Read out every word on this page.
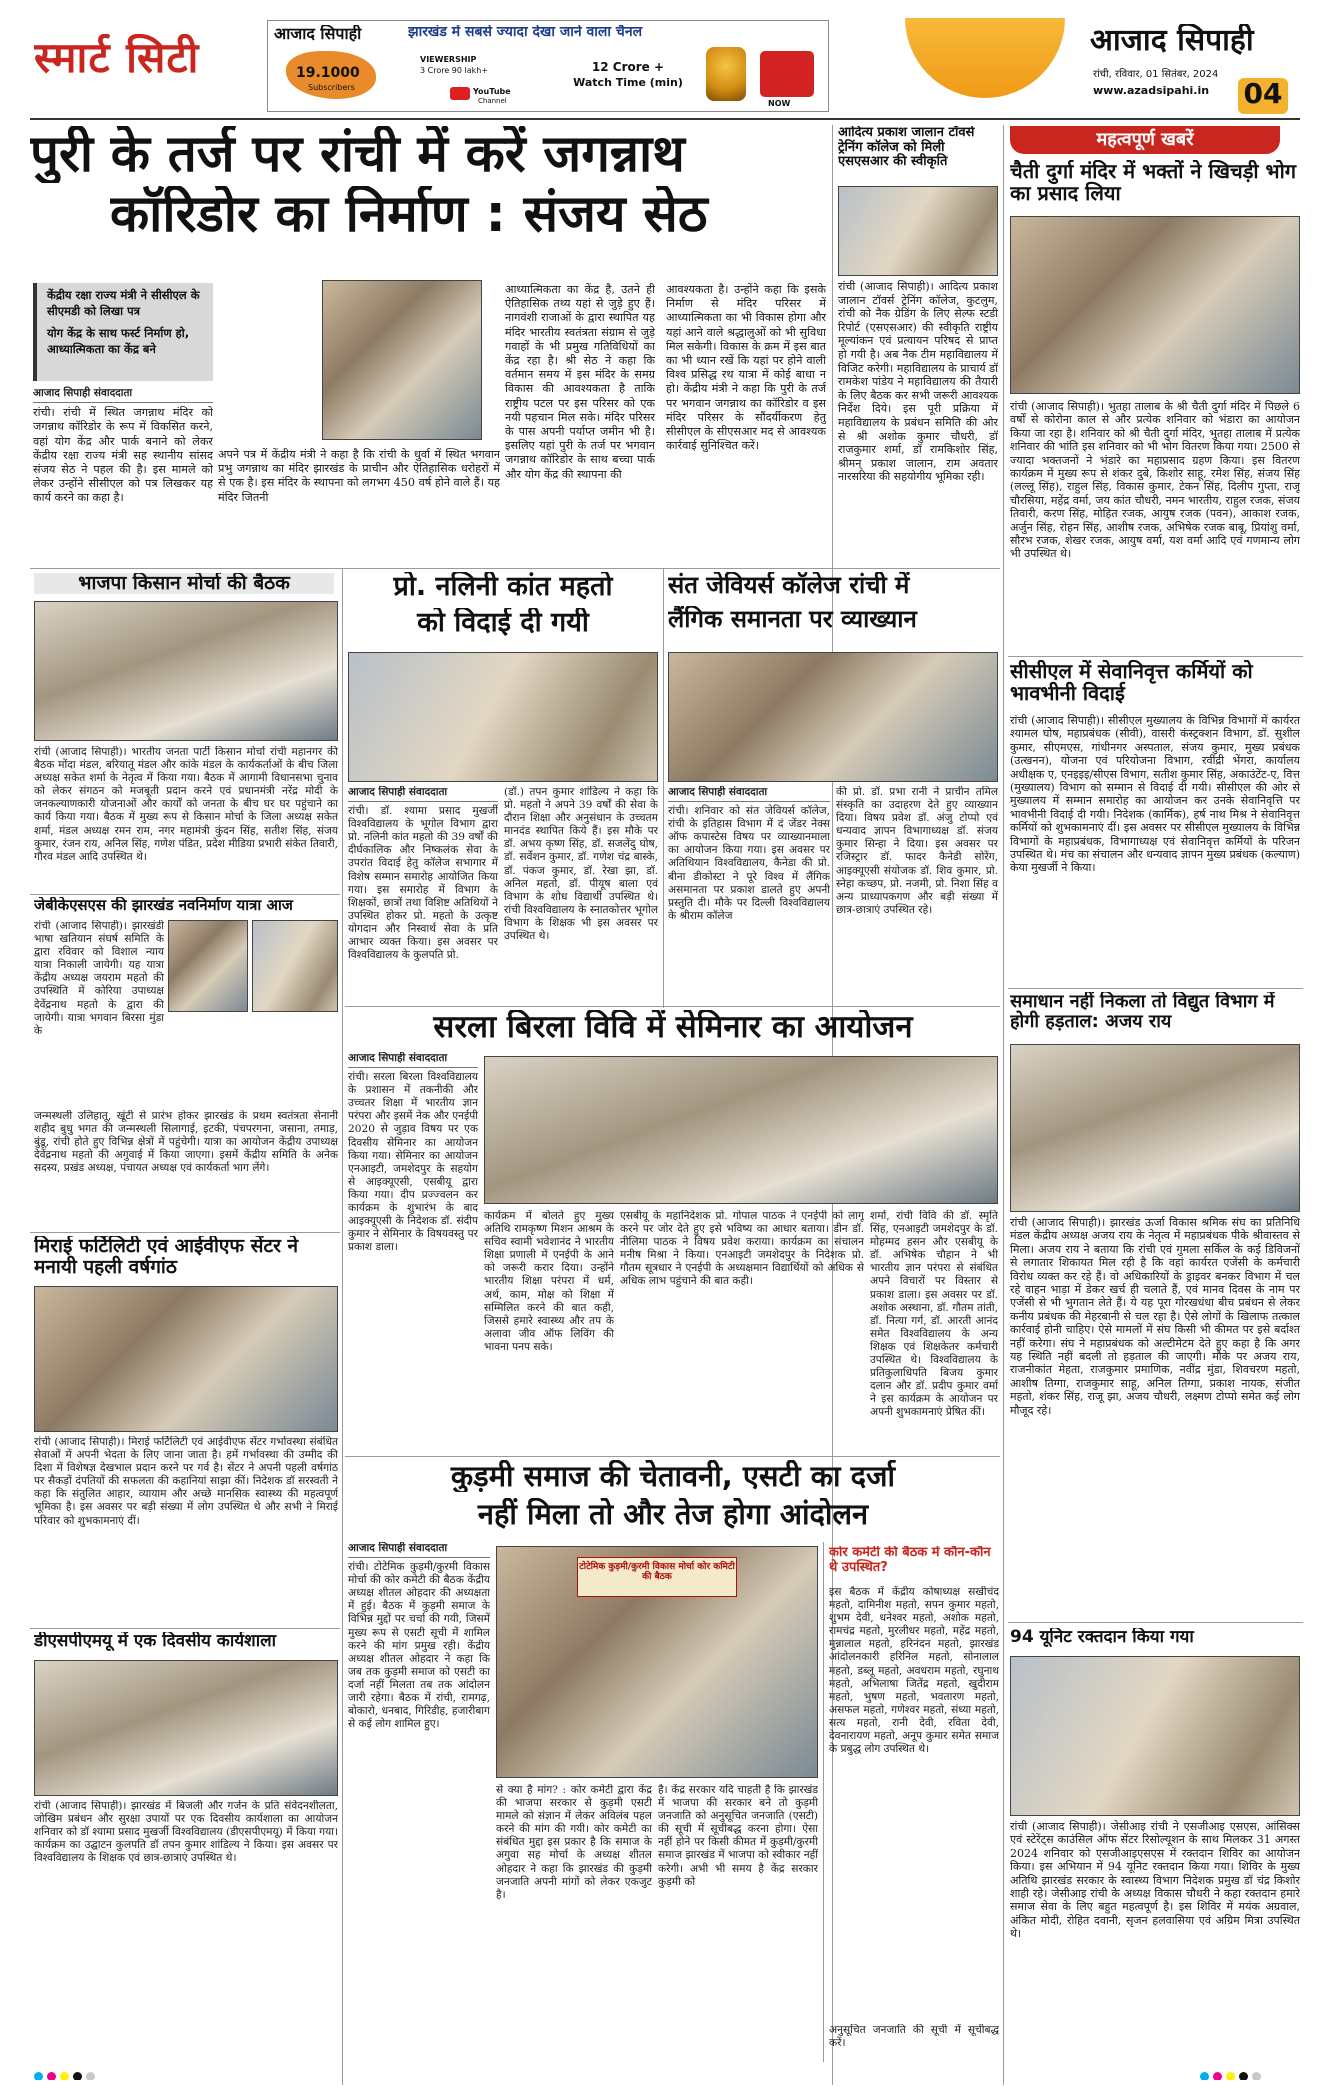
स्मार्ट सिटी	आजाद सिपाही	झारखंड में सबसे ज्यादा देखा जाने वाला चैनल
19.1000
Subscribers
VIEWERSHIP
3 Crore 90 lakh+	12 Crore +
Watch Time (min)
YouTube
Channel	NOW
आजाद सिपाही
रांची, रविवार, 01 सितंबर, 2024
www.azadsipahi.in	04
पुरी के तर्ज पर रांची में करें जगन्नाथ
कॉरिडोर का निर्माण : संजय सेठ
केंद्रीय रक्षा राज्य मंत्री ने सीसीएल के सीएमडी को लिखा पत्र
योग केंद्र के साथ फर्स्ट निर्माण हो, आध्यात्मिकता का केंद्र बने
आजाद सिपाही संवाददाता
रांची। रांची में स्थित जगन्नाथ मंदिर को जगन्नाथ कॉरिडोर के रूप में विकसित करने, वहां योग केंद्र और पार्क बनाने को लेकर केंद्रीय रक्षा राज्य मंत्री सह स्थानीय सांसद संजय सेठ ने पहल की है। इस मामले को लेकर उन्होंने सीसीएल को पत्र लिखकर यह कार्य करने का कहा है।
अपने पत्र में केंद्रीय मंत्री ने कहा है कि रांची के धुर्वा में स्थित भगवान प्रभु जगन्नाथ का मंदिर झारखंड के प्राचीन और ऐतिहासिक धरोहरों में से एक है। इस मंदिर के स्थापना को लगभग 450 वर्ष होने वाले हैं। यह मंदिर जितनी
आध्यात्मिकता का केंद्र है, उतने ही ऐतिहासिक तथ्य यहां से जुड़े हुए हैं। नागवंशी राजाओं के द्वारा स्थापित यह मंदिर भारतीय स्वतंत्रता संग्राम से जुड़े गवाहों के भी प्रमुख गतिविधियों का केंद्र रहा है। श्री सेठ ने कहा कि वर्तमान समय में इस मंदिर के समग्र विकास की आवश्यकता है ताकि राष्ट्रीय पटल पर इस परिसर को एक नयी पहचान मिल सके। मंदिर परिसर के पास अपनी पर्याप्त जमीन भी है। इसलिए यहां पुरी के तर्ज पर भगवान जगन्नाथ कॉरिडोर के साथ बच्चा पार्क और योग केंद्र की स्थापना की
आवश्यकता है। उन्होंने कहा कि इसके निर्माण से मंदिर परिसर में आध्यात्मिकता का भी विकास होगा और यहां आने वाले श्रद्धालुओं को भी सुविधा मिल सकेगी। विकास के क्रम में इस बात का भी ध्यान रखें कि यहां पर होने वाली विश्व प्रसिद्ध रथ यात्रा में कोई बाधा न हो। केंद्रीय मंत्री ने कहा कि पुरी के तर्ज पर भगवान जगन्नाथ का कॉरिडोर व इस मंदिर परिसर के सौंदर्यीकरण हेतु सीसीएल के सीएसआर मद से आवश्यक कार्रवाई सुनिश्चित करें।
आदित्य प्रकाश जालान टॉवर्स ट्रेनिंग कॉलेज को मिली एसएसआर की स्वीकृति
रांची (आजाद सिपाही)। आदित्य प्रकाश जालान टॉवर्स ट्रेनिंग कॉलेज, कुटलुम, रांची को नैक ग्रेडिंग के लिए सेल्फ स्टडी रिपोर्ट (एसएसआर) की स्वीकृति राष्ट्रीय मूल्यांकन एवं प्रत्यायन परिषद से प्राप्त हो गयी है। अब नैक टीम महाविद्यालय में विजिट करेगी। महाविद्यालय के प्राचार्य डॉ रामकेश पांडेय ने महाविद्यालय की तैयारी के लिए बैठक कर सभी जरूरी आवश्यक निर्देश दिये। इस पूरी प्रक्रिया में महाविद्यालय के प्रबंधन समिति की ओर से श्री अशोक कुमार चौधरी, डॉ राजकुमार शर्मा, डॉ रामकिशोर सिंह, श्रीमन् प्रकाश जालान, राम अवतार नारसरिया की सहयोगीय भूमिका रही।
महत्वपूर्ण खबरें
चैती दुर्गा मंदिर में भक्तों ने खिचड़ी भोग का प्रसाद लिया
रांची (आजाद सिपाही)। भुतहा तालाब के श्री चैती दुर्गा मंदिर में पिछले 6 वर्षों से कोरोना काल से और प्रत्येक शनिवार को भंडारा का आयोजन किया जा रहा है। शनिवार को श्री चैती दुर्गा मंदिर, भुतहा तालाब में प्रत्येक शनिवार की भांति इस शनिवार को भी भोग वितरण किया गया। 2500 से ज्यादा भक्तजनों ने भंडारे का महाप्रसाद ग्रहण किया। इस वितरण कार्यक्रम में मुख्य रूप से शंकर दुबे, किशोर साहू, रमेश सिंह, संजय सिंह (लल्लू सिंह), राहुल सिंह, विकास कुमार, टेकन सिंह, दिलीप गुप्ता, राजू चौरसिया, महेंद्र वर्मा, जय कांत चौधरी, नमन भारतीय, राहुल रजक, संजय तिवारी, करण सिंह, मोहित रजक, आयुष रजक (पवन), आकाश रजक, अर्जुन सिंह, रोहन सिंह, आशीष रजक, अभिषेक रजक बाबू, प्रियांशु वर्मा, सौरभ रजक, शेखर रजक, आयुष वर्मा, यश वर्मा आदि एवं गणमान्य लोग भी उपस्थित थे।
सीसीएल में सेवानिवृत्त कर्मियों को भावभीनी विदाई
रांची (आजाद सिपाही)। सीसीएल मुख्यालय के विभिन्न विभागों में कार्यरत श्यामल घोष, महाप्रबंधक (सीवी), वासरी कंस्ट्रक्शन विभाग, डॉ. सुशील कुमार, सीएमएस, गांधीनगर अस्पताल, संजय कुमार, मुख्य प्रबंधक (उत्खनन), योजना एवं परियोजना विभाग, रवींद्री भेंगरा, कार्यालय अधीक्षक ए, एनइइइ/सीएस विभाग, सतीश कुमार सिंह, अकाउंटेंट-ए, वित्त (मुख्यालय) विभाग को सम्मान से विदाई दी गयी। सीसीएल की ओर से मुख्यालय में सम्मान समारोह का आयोजन कर उनके सेवानिवृत्ति पर भावभीनी विदाई दी गयी। निदेशक (कार्मिक), हर्ष नाथ मिश्र ने सेवानिवृत्त कर्मियों को शुभकामनाएं दीं। इस अवसर पर सीसीएल मुख्यालय के विभिन्न विभागों के महाप्रबंधक, विभागाध्यक्ष एवं सेवानिवृत्त कर्मियों के परिजन उपस्थित थे। मंच का संचालन और धन्यवाद ज्ञापन मुख्य प्रबंधक (कल्याण) केया मुखर्जी ने किया।
समाधान नहीं निकला तो विद्युत विभाग में होगी हड़ताल: अजय राय
रांची (आजाद सिपाही)। झारखंड ऊर्जा विकास श्रमिक संघ का प्रतिनिधि मंडल केंद्रीय अध्यक्ष अजय राय के नेतृत्व में महाप्रबंधक पीके श्रीवास्तव से मिला। अजय राय ने बताया कि रांची एवं गुमला सर्किल के कई डिविजनों से लगातार शिकायत मिल रही है कि वहां कार्यरत एजेंसी के कर्मचारी विरोध व्यक्त कर रहे हैं। वो अधिकारियों के ड्राइवर बनकर विभाग में चल रहे वाहन भाड़ा में डेकर खर्च ही चलाते हैं, एवं मानव दिवस के नाम पर एजेंसी से भी भुगतान लेते हैं। ये यह पूरा गोरखधंधा बीच प्रबंधन से लेकर कनीय प्रबंधक की मेहरबानी से चल रहा है। ऐसे लोगों के खिलाफ तत्काल कार्रवाई होनी चाहिए। ऐसे मामलों में संघ किसी भी कीमत पर इसे बर्दाश्त नहीं करेगा। संघ ने महाप्रबंधक को अल्टीमेटम देते हुए कहा है कि अगर यह स्थिति नहीं बदली तो हड़ताल की जाएगी। मौके पर अजय राय, राजनीकांत मेहता, राजकुमार प्रमाणिक, नवींद्र मुंडा, शिवचरण महतो, आशीष तिग्गा, राजकुमार साहू, अनिल तिग्गा, प्रकाश नायक, संजीत महतो, शंकर सिंह, राजू झा, अजय चौधरी, लक्ष्मण टोप्पो समेत कई लोग मौजूद रहे।
94 यूनिट रक्तदान किया गया
रांची (आजाद सिपाही)। जेसीआइ रांची ने एसजीआइ एसएस, आंसिक्स एवं स्टेरेंट्स काउंसिल ऑफ सेंटर रिसोल्यूशन के साथ मिलकर 31 अगस्त 2024 शनिवार को एसजीआइएसएस में रक्तदान शिविर का आयोजन किया। इस अभियान में 94 यूनिट रक्तदान किया गया। शिविर के मुख्य अतिथि झारखंड सरकार के स्वास्थ्य विभाग निदेशक प्रमुख डॉ चंद्र किशोर शाही रहे। जेसीआइ रांची के अध्यक्ष विकास चौधरी ने कहा रक्तदान हमारे समाज सेवा के लिए बहुत महत्वपूर्ण है। इस शिविर में मयंक अग्रवाल, अंकित मोदी, रोहित दवानी, सृजन हलवासिया एवं अग्रिम मित्रा उपस्थित थे।
भाजपा किसान मोर्चा की बैठक
रांची (आजाद सिपाही)। भारतीय जनता पार्टी किसान मोर्चा रांची महानगर की बैठक मोंदा मंडल, बरियातू मंडल और कांके मंडल के कार्यकर्ताओं के बीच जिला अध्यक्ष सकेत शर्मा के नेतृत्व में किया गया। बैठक में आगामी विधानसभा चुनाव को लेकर संगठन को मजबूती प्रदान करने एवं प्रधानमंत्री नरेंद्र मोदी के जनकल्याणकारी योजनाओं और कार्यों को जनता के बीच घर घर पहुंचाने का कार्य किया गया। बैठक में मुख्य रूप से किसान मोर्चा के जिला अध्यक्ष सकेत शर्मा, मंडल अध्यक्ष रमन राम, नगर महामंत्री कुंदन सिंह, सतीश सिंह, संजय कुमार, रंजन राय, अनिल सिंह, गणेश पंडित, प्रदेश मीडिया प्रभारी संकेत तिवारी, गौरव मंडल आदि उपस्थित थे।
जेबीकेएसएस की झारखंड नवनिर्माण यात्रा आज
रांची (आजाद सिपाही)। झारखंडी भाषा खतियान संघर्ष समिति के द्वारा रविवार को विशाल न्याय यात्रा निकाली जायेगी। यह यात्रा केंद्रीय अध्यक्ष जयराम महतो की उपस्थिति में कोरिया उपाध्यक्ष देवेंद्रनाथ महतो के द्वारा की जायेगी। यात्रा भगवान बिरसा मुंडा के
जन्मस्थली उलिहातू, खूंटी से प्रारंभ होकर झारखंड के प्रथम स्वतंत्रता सेनानी शहीद बुधु भगत की जन्मस्थली सिलागाई, इटकी, पंचपरगना, जसाना, तमाड़, बुंडू, रांची होते हुए विभिन्न क्षेत्रों में पहुंचेगी। यात्रा का आयोजन केंद्रीय उपाध्यक्ष देवेंद्रनाथ महतो की अगुवाई में किया जाएगा। इसमें केंद्रीय समिति के अनेक सदस्य, प्रखंड अध्यक्ष, पंचायत अध्यक्ष एवं कार्यकर्ता भाग लेंगे।
मिराई फर्टिलिटी एवं आईवीएफ सेंटर ने मनायी पहली वर्षगांठ
रांची (आजाद सिपाही)। मिराई फर्टिलिटी एवं आईवीएफ सेंटर गर्भावस्था संबंधित सेवाओं में अपनी भेदता के लिए जाना जाता है। हमें गर्भावस्था की उम्मीद की दिशा में विशेषज्ञ देखभाल प्रदान करने पर गर्व है। सेंटर ने अपनी पहली वर्षगांठ पर सैकड़ों दंपतियों की सफलता की कहानियां साझा कीं। निदेशक डॉ सरस्वती ने कहा कि संतुलित आहार, व्यायाम और अच्छे मानसिक स्वास्थ्य की महत्वपूर्ण भूमिका है। इस अवसर पर बड़ी संख्या में लोग उपस्थित थे और सभी ने मिराई परिवार को शुभकामनाएं दीं।
डीएसपीएमयू में एक दिवसीय कार्यशाला
रांची (आजाद सिपाही)। झारखंड में बिजली और गर्जन के प्रति संवेदनशीलता, जोखिम प्रबंधन और सुरक्षा उपायों पर एक दिवसीय कार्यशाला का आयोजन शनिवार को डॉ श्यामा प्रसाद मुखर्जी विश्वविद्यालय (डीएसपीएमयू) में किया गया। कार्यक्रम का उद्घाटन कुलपति डॉ तपन कुमार शांडिल्य ने किया। इस अवसर पर विश्वविद्यालय के शिक्षक एवं छात्र-छात्राएं उपस्थित थे।
प्रो. नलिनी कांत महतो
को विदाई दी गयी
आजाद सिपाही संवाददाता
रांची। डॉ. श्यामा प्रसाद मुखर्जी विश्वविद्यालय के भूगोल विभाग द्वारा प्रो. नलिनी कांत महतो की 39 वर्षों की दीर्घकालिक और निष्कलंक सेवा के उपरांत विदाई हेतु कॉलेज सभागार में विशेष सम्मान समारोह आयोजित किया गया। इस समारोह में विभाग के शिक्षकों, छात्रों तथा विशिष्ट अतिथियों ने उपस्थित होकर प्रो. महतो के उत्कृष्ट योगदान और निस्वार्थ सेवा के प्रति आभार व्यक्त किया। इस अवसर पर विश्वविद्यालय के कुलपति प्रो.
(डॉ.) तपन कुमार शांडिल्य ने कहा कि प्रो. महतो ने अपने 39 वर्षों की सेवा के दौरान शिक्षा और अनुसंधान के उच्चतम मानदंड स्थापित किये हैं। इस मौके पर डॉ. अभय कृष्ण सिंह, डॉ. सजलेंदु घोष, डॉ. सर्वेशन कुमार, डॉ. गणेश चंद्र बास्के, डॉ. पंकज कुमार, डॉ. रेखा झा, डॉ. अनिल महतो, डॉ. पीयूष बाला एवं विभाग के शोध विद्यार्थी उपस्थित थे। रांची विश्वविद्यालय के स्नातकोत्तर भूगोल विभाग के शिक्षक भी इस अवसर पर उपस्थित थे।
संत जेवियर्स कॉलेज रांची में
लैंगिक समानता पर व्याख्यान
आजाद सिपाही संवाददाता
रांची। शनिवार को संत जेवियर्स कॉलेज, रांची के इतिहास विभाग में दं जेंडर नेक्स ऑफ कपास्टेस विषय पर व्याख्यानमाला का आयोजन किया गया। इस अवसर पर अतिथियान विश्वविद्यालय, कैनेडा की प्रो. बीना डीकोस्टा ने पूरे विश्व में लैंगिक असमानता पर प्रकाश डालते हुए अपनी प्रस्तुति दी। मौके पर दिल्ली विश्वविद्यालय के श्रीराम कॉलेज
की प्रो. डॉ. प्रभा रानी ने प्राचीन तमिल संस्कृति का उदाहरण देते हुए व्याख्यान दिया। विषय प्रवेश डॉ. अंजु टोप्पो एवं धन्यवाद ज्ञापन विभागाध्यक्ष डॉ. संजय कुमार सिन्हा ने दिया। इस अवसर पर रजिस्ट्रार डॉ. फादर कैनेडी सोरेंग, आइक्यूएसी संयोजक डॉ. शिव कुमार, प्रो. स्नेहा कच्छप, प्रो. नजमी, प्रो. निशा सिंह व अन्य प्राध्यापकगण और बड़ी संख्या में छात्र-छात्राएं उपस्थित रहे।
सरला बिरला विवि में सेमिनार का आयोजन
आजाद सिपाही संवाददाता
रांची। सरला बिरला विश्वविद्यालय के प्रशासन में तकनीकी और उच्चतर शिक्षा में भारतीय ज्ञान परंपरा और इसमें नेक और एनईपी 2020 से जुड़ाव विषय पर एक दिवसीय सेमिनार का आयोजन किया गया। सेमिनार का आयोजन एनआइटी, जमशेदपुर के सहयोग से आइक्यूएसी, एसबीयू द्वारा किया गया। दीप प्रज्ज्वलन कर कार्यक्रम के शुभारंभ के बाद आइक्यूएसी के निदेशक डॉ. संदीप कुमार ने सेमिनार के विषयवस्तु पर प्रकाश डाला।
कार्यक्रम में बोलते हुए मुख्य अतिथि रामकृष्ण मिशन आश्रम के सचिव स्वामी भवेशानंद ने भारतीय शिक्षा प्रणाली में एनईपी के आने को जरूरी करार दिया। उन्होंने भारतीय शिक्षा परंपरा में धर्म, अर्थ, काम, मोक्ष को शिक्षा में सम्मिलित करने की बात कही, जिससे हमारे स्वास्थ्य और तप के अलावा जीव ऑफ लिविंग की भावना पनप सके।
एसबीयू के महानिदेशक प्रो. गोपाल पाठक ने एनईपी को लागू करने पर जोर देते हुए इसे भविष्य का आधार बताया। डीन डॉ. नीलिमा पाठक ने विषय प्रवेश कराया। कार्यक्रम का संचालन मनीष मिश्रा ने किया। एनआइटी जमशेदपुर के निदेशक प्रो. गौतम सूत्रधार ने एनईपी के अध्यक्षमान विद्यार्थियों को अधिक से अधिक लाभ पहुंचाने की बात कही।
शर्मा, रांची विवि की डॉ. स्मृति सिंह, एनआइटी जमशेदपुर के डॉ. मोहम्मद हसन और एसबीयू के डॉ. अभिषेक चौहान ने भी भारतीय ज्ञान परंपरा से संबंधित अपने विचारों पर विस्तार से प्रकाश डाला। इस अवसर पर डॉ. अशोक अस्थाना, डॉ. गौतम तांती, डॉ. नित्या गर्ग, डॉ. आरती आनंद समेत विश्वविद्यालय के अन्य शिक्षक एवं शिक्षकेतर कर्मचारी उपस्थित थे। विश्वविद्यालय के प्रतिकुलाधिपति बिजय कुमार दलान और डॉ. प्रदीप कुमार वर्मा ने इस कार्यक्रम के आयोजन पर अपनी शुभकामनाएं प्रेषित कीं।
कुड़मी समाज की चेतावनी, एसटी का दर्जा
नहीं मिला तो और तेज होगा आंदोलन
आजाद सिपाही संवाददाता
रांची। टोटेमिक कुड़मी/कुरमी विकास मोर्चा की कोर कमेटी की बैठक केंद्रीय अध्यक्ष शीतल ओहदार की अध्यक्षता में हुई। बैठक में कुड़मी समाज के विभिन्न मुद्दों पर चर्चा की गयी, जिसमें मुख्य रूप से एसटी सूची में शामिल करने की मांग प्रमुख रही। केंद्रीय अध्यक्ष शीतल ओहदार ने कहा कि जब तक कुड़मी समाज को एसटी का दर्जा नहीं मिलता तब तक आंदोलन जारी रहेगा। बैठक में रांची, रामगढ़, बोकारो, धनबाद, गिरिडीह, हजारीबाग से कई लोग शामिल हुए।
टोटेमिक कुड़मी/कुरमी विकास मोर्चा कोर कमिटी की बैठक
से क्या है मांग? : कोर कमेटी द्वारा केंद्र की भाजपा सरकार से कुड़मी एसटी मामले को संज्ञान में लेकर अविलंब पहल करने की मांग की गयी। कोर कमेटी का संबंधित मुद्दा इस प्रकार है कि समाज के अगुवा सह मोर्चा के अध्यक्ष शीतल ओहदार ने कहा कि झारखंड की कुड़मी जनजाति अपनी मांगों को लेकर एकजुट है।
है। केंद्र सरकार यदि चाहती है कि झारखंड में भाजपा की सरकार बने तो कुड़मी जनजाति को अनुसूचित जनजाति (एसटी) की सूची में सूचीबद्ध करना होगा। ऐसा नहीं होने पर किसी कीमत में कुड़मी/कुरमी समाज झारखंड में भाजपा को स्वीकार नहीं करेगी। अभी भी समय है केंद्र सरकार कुड़मी को
कोर कमेटी की बैठक में कौन-कौन थे उपस्थित?
इस बैठक में केंद्रीय कोषाध्यक्ष सखीचंद महतो, दामिनीश महतो, सपन कुमार महतो, शुभम देवी, धनेश्वर महतो, अशोक महतो, रामचंद्र महतो, मुरलीधर महतो, महेंद्र महतो, मुन्नालाल महतो, हरिनंदन महतो, झारखंड आंदोलनकारी हरिनिल महतो, सोनालाल महतो, डब्लू महतो, अवधराम महतो, रघुनाथ महतो, अभिलाषा जितेंद्र महतो, खुदीराम महतो, भुषण महतो, भवतारण महतो, असफल महतो, गणेश्वर महतो, संध्या महतो, सत्य महतो, रानी देवी, रविता देवी, देवनारायण महतो, अनूप कुमार समेत समाज के प्रबुद्ध लोग उपस्थित थे।
अनुसूचित जनजाति की सूची में सूचीबद्ध करें।
